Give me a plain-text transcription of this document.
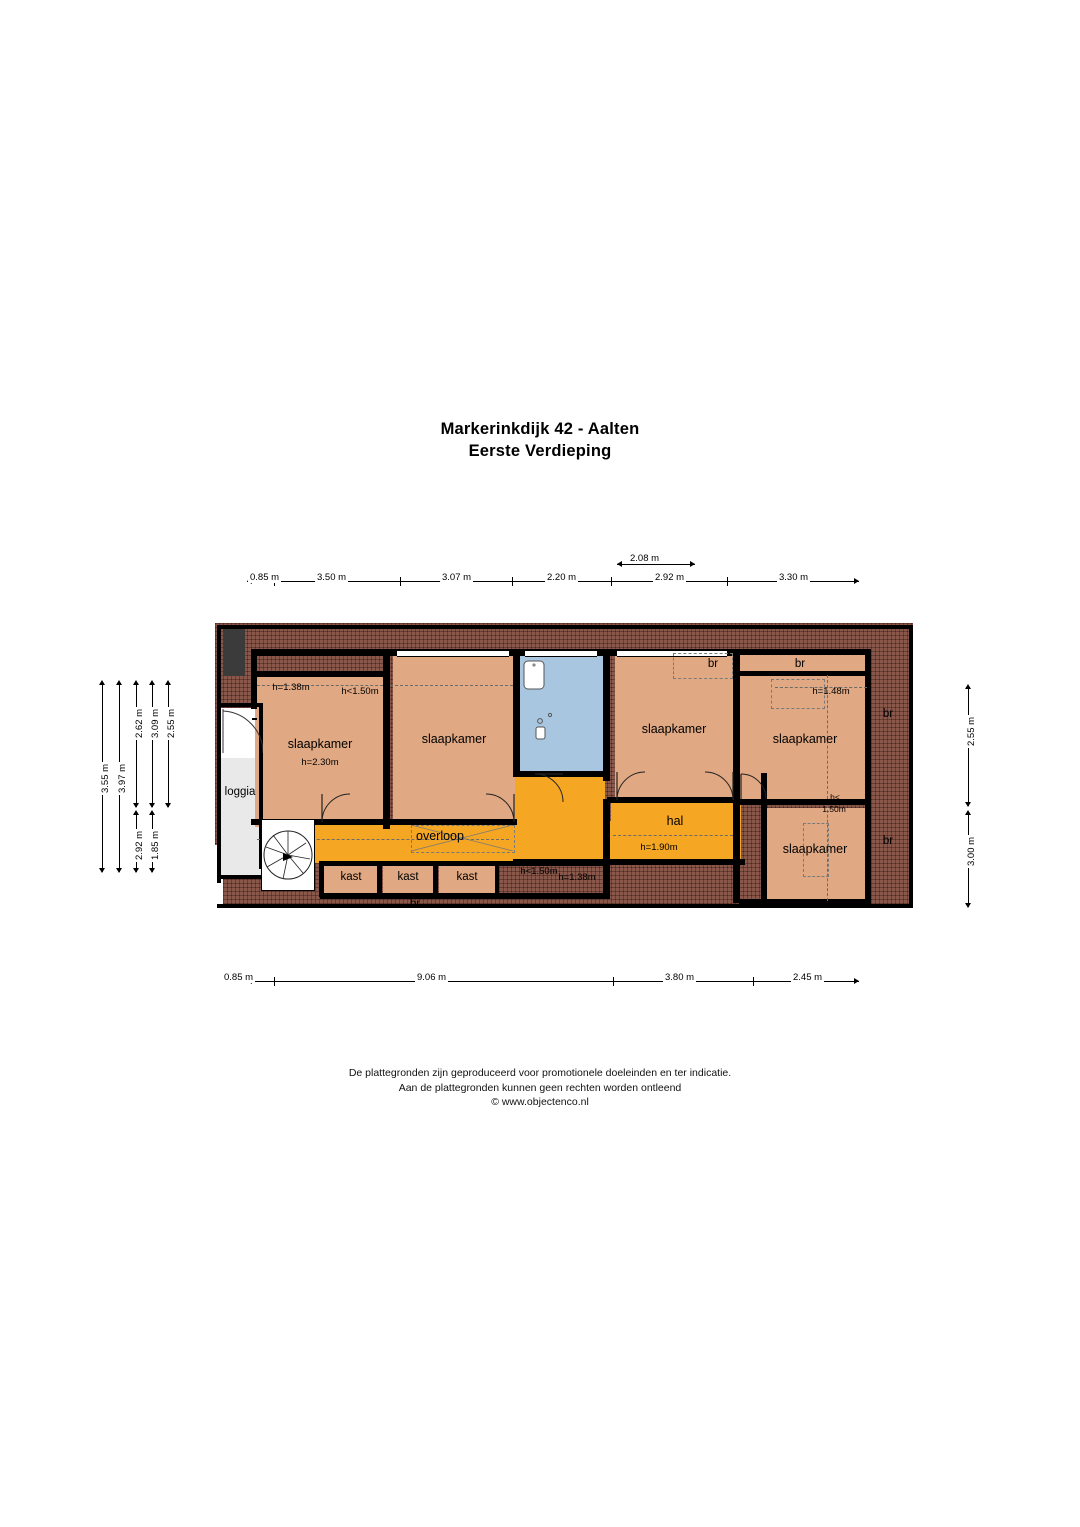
Markerinkdijk 42 - Aalten
Eerste Verdieping
2.08 m
0.85 m	3.50 m	3.07 m	2.20 m	2.92 m	3.30 m
3.55 m 3.97 m
2.62 m 3.09 m 2.55 m
2.92 m 1.85 m
2.55 m
3.00 m
0.85 m	9.06 m	3.80 m	2.45 m
loggia
slaapkamer
h=2.30m
slaapkamer
slaapkamer
slaapkamer
h=1.48m
slaapkamer
h<
1.50m
overloop
h<1.50m
h=1.38m
hal
h=1.90m
h=1.38m	h<1.50m
kast	kast	kast
br
br	br
br
br
De plattegronden zijn geproduceerd voor promotionele doeleinden en ter indicatie.
Aan de plattegronden kunnen geen rechten worden ontleend
© www.objectenco.nl
